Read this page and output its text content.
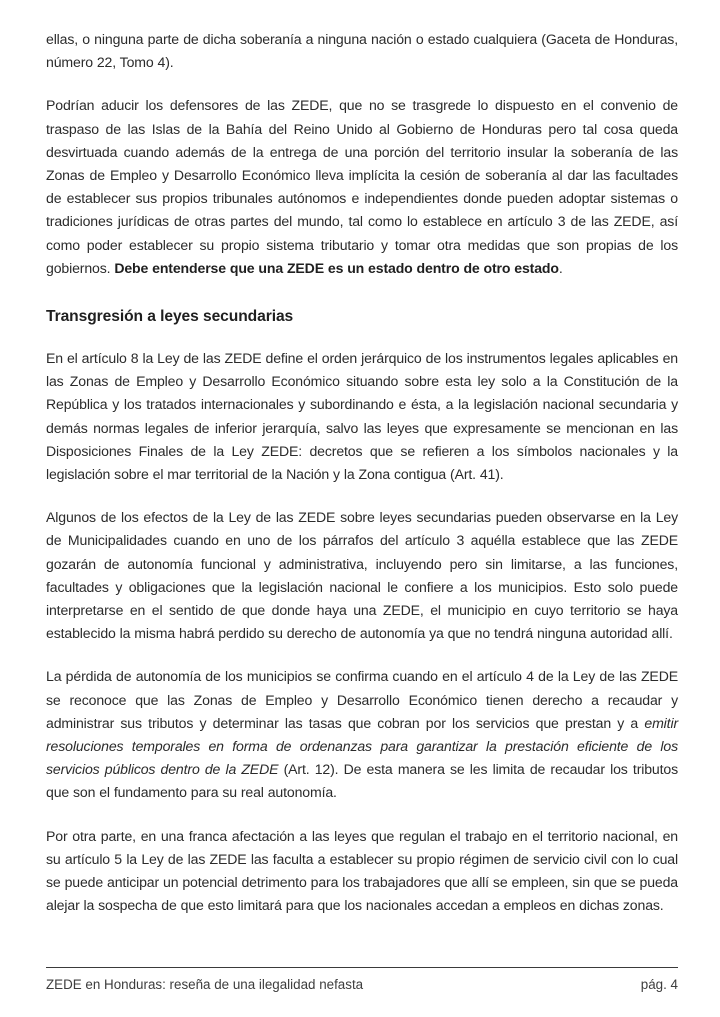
ellas, o ninguna parte de dicha soberanía a ninguna nación o estado cualquiera (Gaceta de Honduras, número 22, Tomo 4).

Podrían aducir los defensores de las ZEDE, que no se trasgrede lo dispuesto en el convenio de traspaso de las Islas de la Bahía del Reino Unido al Gobierno de Honduras pero tal cosa queda desvirtuada cuando además de la entrega de una porción del territorio insular la soberanía de las Zonas de Empleo y Desarrollo Económico lleva implícita la cesión de soberanía al dar las facultades de establecer sus propios tribunales autónomos e independientes donde pueden adoptar sistemas o tradiciones jurídicas de otras partes del mundo, tal como lo establece en artículo 3 de las ZEDE, así como poder establecer su propio sistema tributario y tomar otra medidas que son propias de los gobiernos. Debe entenderse que una ZEDE es un estado dentro de otro estado.

Transgresión a leyes secundarias

En el artículo 8 la Ley de las ZEDE define el orden jerárquico de los instrumentos legales aplicables en las Zonas de Empleo y Desarrollo Económico situando sobre esta ley solo a la Constitución de la República y los tratados internacionales y subordinando e ésta, a la legislación nacional secundaria y demás normas legales de inferior jerarquía, salvo las leyes que expresamente se mencionan en las Disposiciones Finales de la Ley ZEDE: decretos que se refieren a los símbolos nacionales y la legislación sobre el mar territorial de la Nación y la Zona contigua (Art. 41).

Algunos de los efectos de la Ley de las ZEDE sobre leyes secundarias pueden observarse en la Ley de Municipalidades cuando en uno de los párrafos del artículo 3 aquélla establece que las ZEDE gozarán de autonomía funcional y administrativa, incluyendo pero sin limitarse, a las funciones, facultades y obligaciones que la legislación nacional le confiere a los municipios. Esto solo puede interpretarse en el sentido de que donde haya una ZEDE, el municipio en cuyo territorio se haya establecido la misma habrá perdido su derecho de autonomía ya que no tendrá ninguna autoridad allí.

La pérdida de autonomía de los municipios se confirma cuando en el artículo 4 de la Ley de las ZEDE se reconoce que las Zonas de Empleo y Desarrollo Económico tienen derecho a recaudar y administrar sus tributos y determinar las tasas que cobran por los servicios que prestan y a emitir resoluciones temporales en forma de ordenanzas para garantizar la prestación eficiente de los servicios públicos dentro de la ZEDE (Art. 12). De esta manera se les limita de recaudar los tributos que son el fundamento para su real autonomía.

Por otra parte, en una franca afectación a las leyes que regulan el trabajo en el territorio nacional, en su artículo 5 la Ley de las ZEDE las faculta a establecer su propio régimen de servicio civil con lo cual se puede anticipar un potencial detrimento para los trabajadores que allí se empleen, sin que se pueda alejar la sospecha de que esto limitará para que los nacionales accedan a empleos en dichas zonas.

ZEDE en Honduras: reseña de una ilegalidad nefasta	pág. 4
